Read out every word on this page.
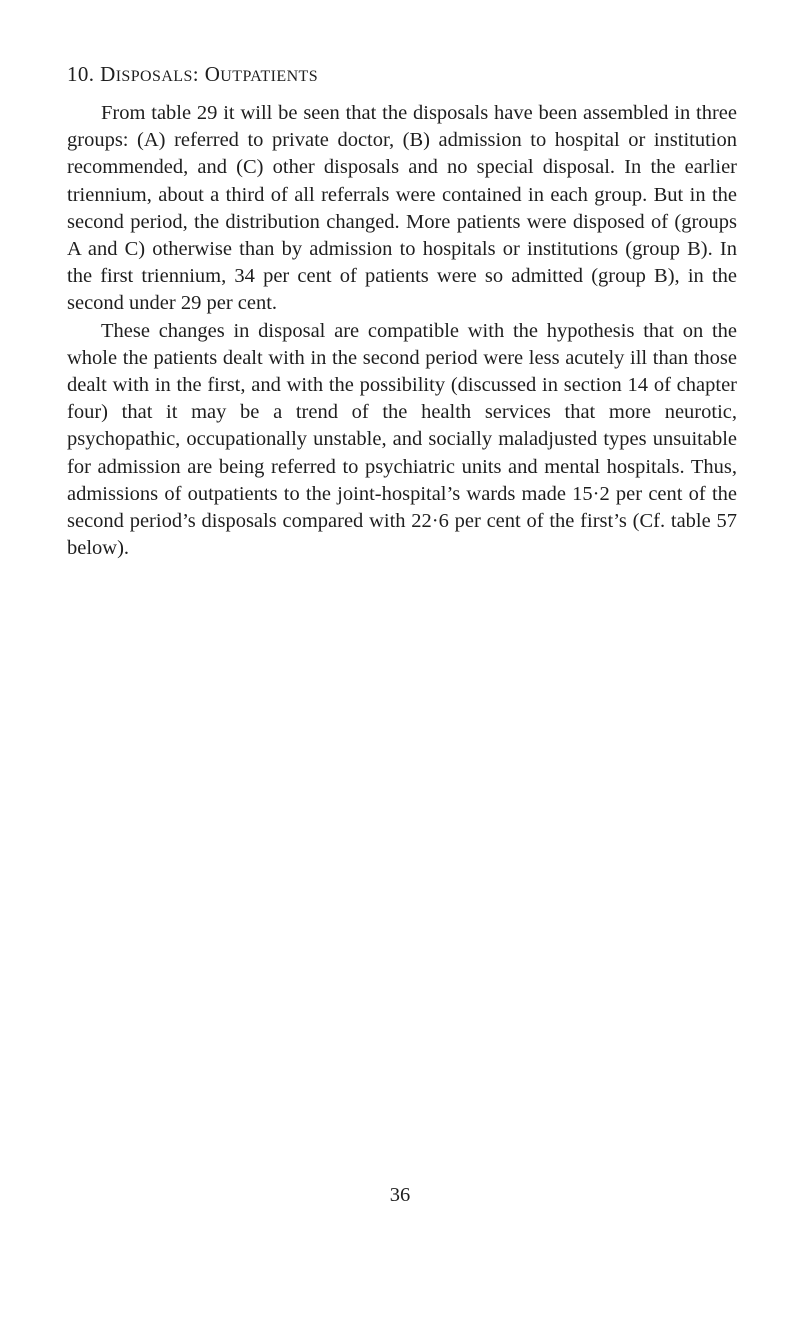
10. DISPOSALS: OUTPATIENTS

From table 29 it will be seen that the disposals have been assembled in three groups: (A) referred to private doctor, (B) admission to hospital or institution recommended, and (C) other disposals and no special disposal. In the earlier triennium, about a third of all referrals were contained in each group. But in the second period, the distribution changed. More patients were disposed of (groups A and C) otherwise than by admission to hospitals or institutions (group B). In the first triennium, 34 per cent of patients were so admitted (group B), in the second under 29 per cent.

These changes in disposal are compatible with the hypothesis that on the whole the patients dealt with in the second period were less acutely ill than those dealt with in the first, and with the possibility (discussed in section 14 of chapter four) that it may be a trend of the health services that more neurotic, psychopathic, occupationally unstable, and socially maladjusted types unsuitable for admission are being referred to psychiatric units and mental hospitals. Thus, admissions of outpatients to the joint-hospital’s wards made 15·2 per cent of the second period’s disposals compared with 22·6 per cent of the first’s (Cf. table 57 below).

36
